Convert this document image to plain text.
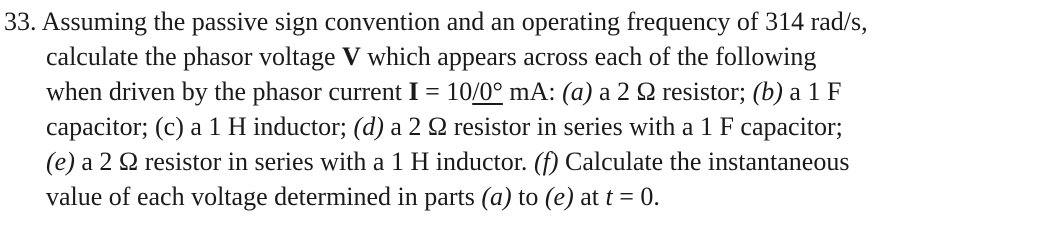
33. Assuming the passive sign convention and an operating frequency of 314 rad/s,
calculate the phasor voltage V which appears across each of the following
when driven by the phasor current I = 10/0° mA: (a) a 2 Ω resistor; (b) a 1 F
capacitor; (c) a 1 H inductor; (d) a 2 Ω resistor in series with a 1 F capacitor;
(e) a 2 Ω resistor in series with a 1 H inductor. (f) Calculate the instantaneous
value of each voltage determined in parts (a) to (e) at t = 0.
